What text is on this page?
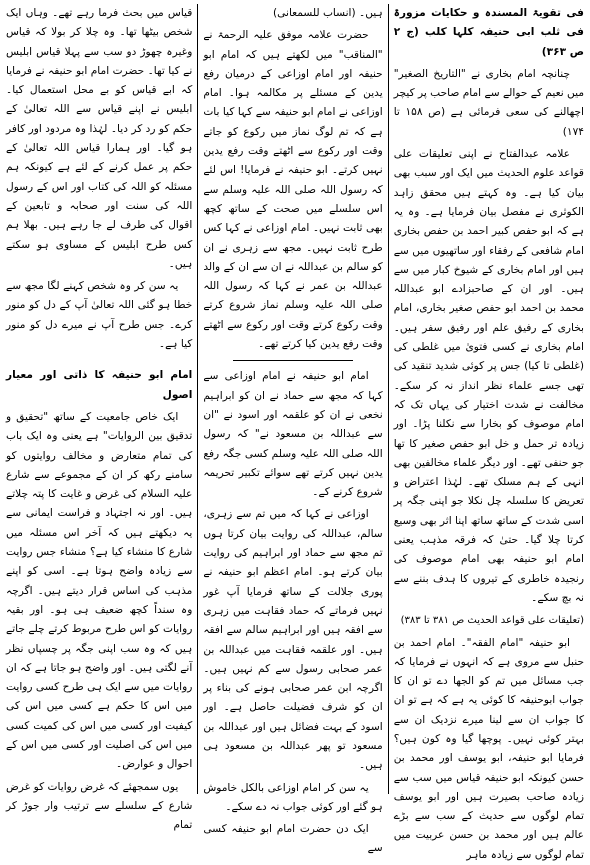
فی تقویۃ المسندہ و حکایات مزورۃ فی ثلب ابی حنیفہ کلہا کلب (ج ۲ ص ۳۶۳)

چنانچہ امام بخاری نے "التاریخ الصغیر" میں نعیم کے حوالے سے امام صاحب پر کیچر اچھالنے کی سعی فرمائی ہے (ص ۱۵۸ تا ۱۷۴)

علامہ عبدالفتاح نے اپنی تعلیقات علی قواعد علوم الحدیث میں ایک اور سبب بھی بیان کیا ہے۔ وہ کہتے ہیں محقق زاہد الکوثری نے مفصل بیان فرمایا ہے۔ وہ یہ ہے کہ ابو حفص کبیر احمد بن حفص بخاری امام شافعی کے رفقاء اور ساتھیوں میں سے ہیں اور امام بخاری کے شیوخ کبار میں سے ہیں۔ اور ان کے صاحبزادے ابو عبداللہ محمد بن احمد ابو حفص صغیر بخاری، امام بخاری کے رفیق علم اور رفیق سفر ہیں۔ امام بخاری نے کسی فتویٰ میں غلطی کی (غلطی تا کیا) جس پر کوئی شدید تنقید کی تھی جسے علماء نظر انداز نہ کر سکے۔ مخالفت نے شدت اختیار کی یہاں تک کہ امام موصوف کو بخارا سے نکلنا پڑا۔ اور زیادہ تر حمل و خل ابو حفص صغیر کا تھا جو حنفی تھے۔ اور دیگر علماء مخالفین بھی انہی کے ہم مسلک تھے۔ لہٰذا اعتراض و تعریض کا سلسلہ چل نکلا جو اپنی جگہ پر اسی شدت کے ساتھ ساتھ اپنا اثر بھی وسیع کرتا چلا گیا۔ حتیٰ کہ فرقہ مذہب یعنی امام ابو حنیفہ بھی امام موصوف کی رنجیدہ خاطری کے تیروں کا ہدف بننے سے نہ بچ سکے۔

(تعلیقات علی قواعد الحدیث ص ۳۸۱ تا ۳۸۳)

ابو حنیفہ "امام الفقہ"۔ امام احمد بن حنبل سے مروی ہے کہ انہوں نے فرمایا کہ جب مسائل میں تم کو الجھا دے تو ان کا جواب ابوحنیفہ کا کوئی یہ ہے کہ ہے تو ان کا جواب ان سے لینا میرے نزدیک ان سے بہتر کوئی نہیں۔ پوچھا گیا وہ کون ہیں؟ فرمایا ابو حنیفہ، ابو یوسف اور محمد بن حسن کیونکہ ابو حنیفہ قیاس میں سب سے زیادہ صاحب بصیرت ہیں اور ابو یوسف تمام لوگوں سے حدیث کے سب سے بڑے عالم ہیں اور محمد بن حسن عربیت میں تمام لوگوں سے زیادہ ماہر

ہیں۔ (انساب للسمعانی)

حضرت علامہ موفق علیہ الرحمۃ نے "المناقب" میں لکھتے ہیں کہ امام ابو حنیفہ اور امام اوزاعی کے درمیان رفع یدین کے مسئلے پر مکالمہ ہوا۔ امام اوزاعی نے امام ابو حنیفہ سے کہا کیا بات ہے کہ تم لوگ نماز میں رکوع کو جاتے وقت اور رکوع سے اٹھتے وقت رفع یدین نہیں کرتے۔ ابو حنیفہ نے فرمایا! اس لئے کہ رسول اللہ صلی اللہ علیہ وسلم سے اس سلسلے میں صحت کے ساتھ کچھ بھی ثابت نہیں۔ امام اوزاعی نے کہا کس طرح ثابت نہیں۔ مجھ سے زہری نے ان کو سالم بن عبداللہ نے ان سے ان کے والد عبداللہ بن عمر نے کہا کہ رسول اللہ صلی اللہ علیہ وسلم نماز شروع کرتے وقت رکوع کرتے وقت اور رکوع سے اٹھتے وقت رفع یدین کیا کرتے تھے۔

امام ابو حنیفہ نے امام اوزاعی سے کہا کہ مجھ سے حماد نے ان کو ابراہیم نخعی نے ان کو علقمہ اور اسود نے "ان سے عبداللہ بن مسعود نے" کہ رسول اللہ صلی اللہ علیہ وسلم کسی جگہ رفع یدین نہیں کرتے تھے سوائے تکبیر تحریمہ شروع کرنے کے۔

اوزاعی نے کہا کہ میں تم سے زہری، سالم، عبداللہ کی روایت بیان کرتا ہوں تم مجھ سے حماد اور ابراہیم کی روایت بیان کرتے ہو۔ امام اعظم ابو حنیفہ نے پوری جلالت کے ساتھ فرمایا آپ غور نہیں فرماتے کہ حماد فقاہت میں زہری سے افقہ ہیں اور ابراہیم سالم سے افقہ ہیں۔ اور علقمہ فقاہت میں عبداللہ بن عمر صحابی رسول سے کم نہیں ہیں۔ اگرچہ ابن عمر صحابی ہونے کی بناء پر ان کو شرف فضیلت حاصل ہے۔ اور اسود کے بہت فضائل ہیں اور عبداللہ بن مسعود تو پھر عبداللہ بن مسعود ہی ہیں۔

یہ سن کر امام اوزاعی بالکل خاموش ہو گئے اور کوئی جواب نہ دے سکے۔

ایک دن حضرت امام ابو حنیفہ کسی سے

قیاس میں بحث فرما رہے تھے۔ وہاں ایک شخص بیٹھا تھا۔ وہ چلا کر بولا کہ قیاس وغیرہ چھوڑ دو سب سے پہلا قیاس ابلیس نے کیا تھا۔ حضرت امام ابو حنیفہ نے فرمایا کہ ابے قیاس کو بے محل استعمال کیا۔ ابلیس نے اپنے قیاس سے اللہ تعالیٰ کے حکم کو رد کر دیا۔ لہٰذا وہ مردود اور کافر ہو گیا۔ اور ہمارا قیاس اللہ تعالیٰ کے حکم پر عمل کرنے کے لئے ہے کیونکہ ہم مسئلہ کو اللہ کی کتاب اور اس کے رسول اللہ کی سنت اور صحابہ و تابعین کے اقوال کی طرف لے جا رہے ہیں۔ بھلا ہم کس طرح ابلیس کے مساوی ہو سکتے ہیں۔

یہ سن کر وہ شخص کہنے لگا مجھ سے خطا ہو گئی اللہ تعالیٰ آپ کے دل کو منور کرے۔ جس طرح آپ نے میرے دل کو منور کیا ہے۔

امام ابو حنیفہ کا ذاتی اور معیار اصول

ایک خاص جامعیت کے ساتھ "تحقیق و تدقیق بین الروایات" ہے یعنی وہ ایک باب کی تمام متعارض و مخالف روایتوں کو سامنے رکھ کر ان کے مجموعے سے شارع علیہ السلام کی غرض و غایت کا پتہ چلاتے ہیں۔ اور نہ اجتہاد و فراست ایمانی سے یہ دیکھتے ہیں کہ آخر اس مسئلہ میں شارع کا منشاء کیا ہے؟ منشاء جس روایت سے زیادہ واضح ہوتا ہے۔ اسی کو اپنے مذہب کی اساس قرار دیتے ہیں۔ اگرچہ وہ سنداً کچھ ضعیف ہی ہو۔ اور بقیہ روایات کو اس طرح مربوط کرتے چلے جاتے ہیں کہ وہ سب اپنی جگہ پر چسپاں نظر آنے لگتی ہیں۔ اور واضح ہو جاتا ہے کہ ان روایات میں سے ایک ہی طرح کسی روایت میں اس کا حکم ہے کسی میں اس کی کیفیت اور کسی میں اس کی کمیت کسی میں اس کی اصلیت اور کسی میں اس کے احوال و عوارض۔

یوں سمجھئے کہ غرض روایات کو غرض شارع کے سلسلے سے ترتیب وار جوڑ کر تمام
